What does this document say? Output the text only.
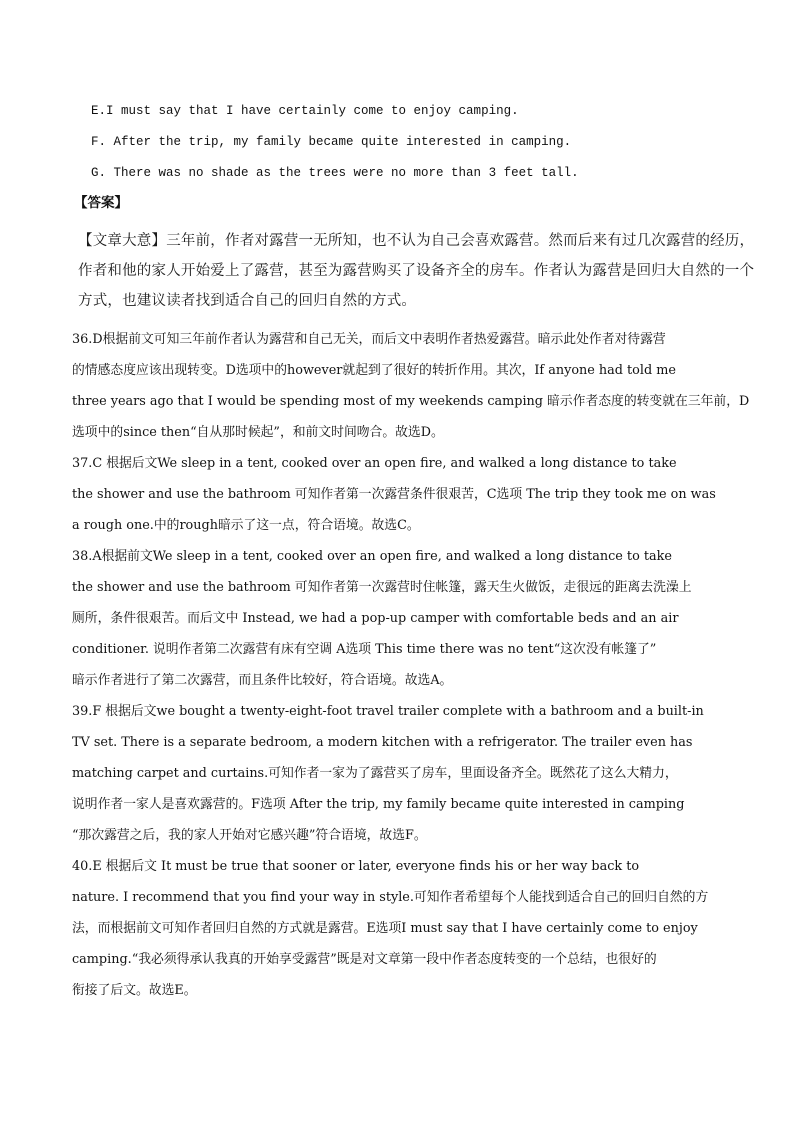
E.I must say that I have certainly come to enjoy camping.
F. After the trip, my family became quite interested in camping.
G. There was no shade as the trees were no more than 3 feet tall.
【答案】
【文章大意】三年前，作者对露营一无所知，也不认为自己会喜欢露营。然而后来有过几次露营的经历，
作者和他的家人开始爱上了露营，甚至为露营购买了设备齐全的房车。作者认为露营是回归大自然的一个
方式，也建议读者找到适合自己的回归自然的方式。
36.D根据前文可知三年前作者认为露营和自己无关，而后文中表明作者热爱露营。暗示此处作者对待露营
的情感态度应该出现转变。D选项中的however就起到了很好的转折作用。其次，If anyone had told me
three years ago that I would be spending most of my weekends camping 暗示作者态度的转变就在三年前，D
选项中的since then“自从那时候起”，和前文时间吻合。故选D。
37.C 根据后文We sleep in a tent, cooked over an open fire, and walked a long distance to take
the shower and use the bathroom 可知作者第一次露营条件很艰苦，C选项 The trip they took me on was
a rough one.中的rough暗示了这一点，符合语境。故选C。
38.A根据前文We sleep in a tent, cooked over an open fire, and walked a long distance to take
the shower and use the bathroom 可知作者第一次露营时住帐篷，露天生火做饭，走很远的距离去洗澡上
厕所，条件很艰苦。而后文中 Instead, we had a pop-up camper with comfortable beds and an air
conditioner. 说明作者第二次露营有床有空调 A选项 This time there was no tent“这次没有帐篷了”
暗示作者进行了第二次露营，而且条件比较好，符合语境。故选A。
39.F 根据后文we bought a twenty-eight-foot travel trailer complete with a bathroom and a built-in
TV set. There is a separate bedroom, a modern kitchen with a refrigerator. The trailer even has
matching carpet and curtains.可知作者一家为了露营买了房车，里面设备齐全。既然花了这么大精力，
说明作者一家人是喜欢露营的。F选项 After the trip, my family became quite interested in camping
“那次露营之后，我的家人开始对它感兴趣”符合语境，故选F。
40.E 根据后文 It must be true that sooner or later, everyone finds his or her way back to
nature. I recommend that you find your way in style.可知作者希望每个人能找到适合自己的回归自然的方
法，而根据前文可知作者回归自然的方式就是露营。E选项I must say that I have certainly come to enjoy
camping.“我必须得承认我真的开始享受露营”既是对文章第一段中作者态度转变的一个总结，也很好的
衔接了后文。故选E。
